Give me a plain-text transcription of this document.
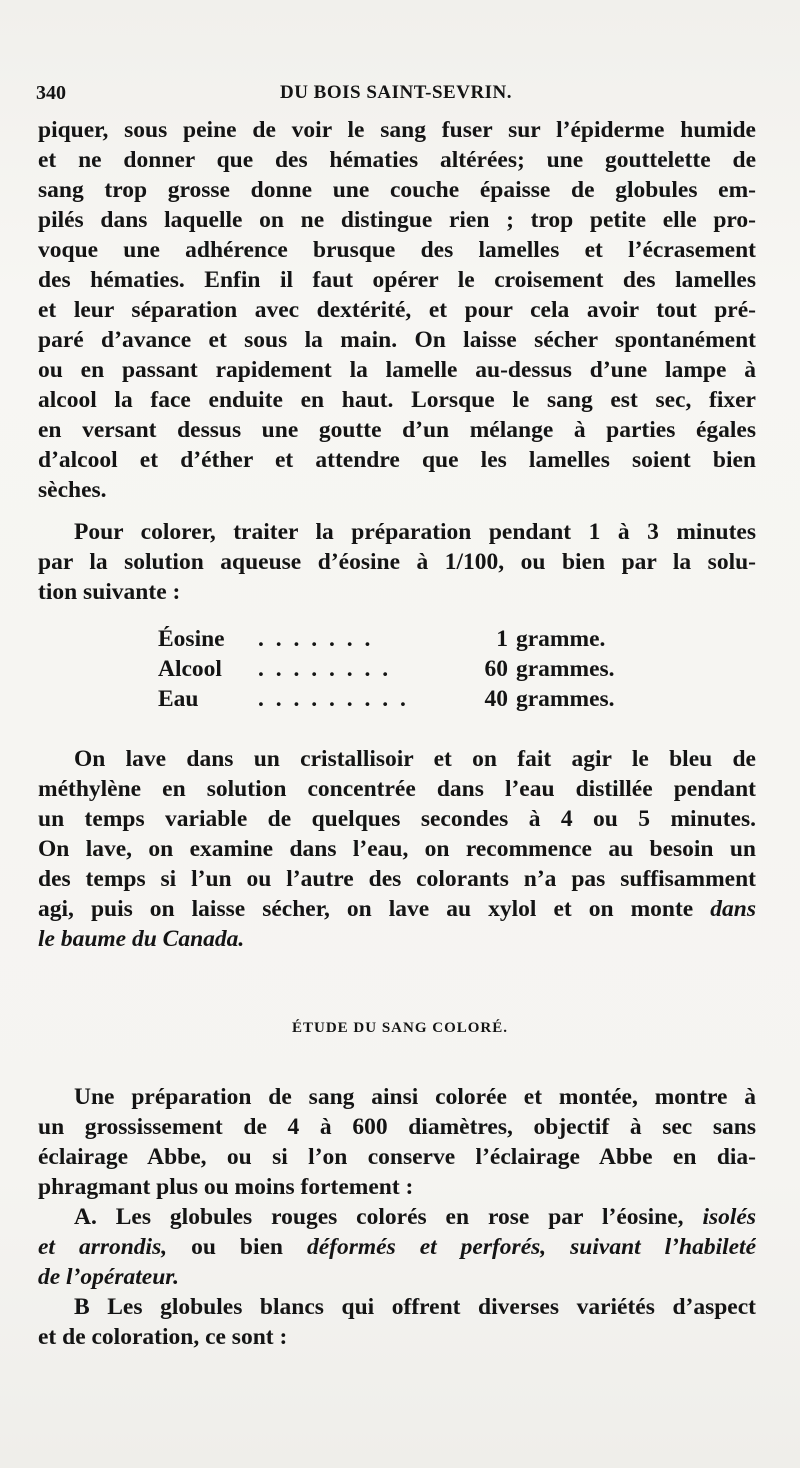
340	DU BOIS SAINT-SEVRIN.
piquer, sous peine de voir le sang fuser sur l’épiderme humide
et ne donner que des hématies altérées; une gouttelette de
sang trop grosse donne une couche épaisse de globules em-
pilés dans laquelle on ne distingue rien ; trop petite elle pro-
voque une adhérence brusque des lamelles et l’écrasement
des hématies. Enfin il faut opérer le croisement des lamelles
et leur séparation avec dextérité, et pour cela avoir tout pré-
paré d’avance et sous la main. On laisse sécher spontanément
ou en passant rapidement la lamelle au-dessus d’une lampe à
alcool la face enduite en haut. Lorsque le sang est sec, fixer
en versant dessus une goutte d’un mélange à parties égales
d’alcool et d’éther et attendre que les lamelles soient bien
sèches.
Pour colorer, traiter la préparation pendant 1 à 3 minutes
par la solution aqueuse d’éosine à 1/100, ou bien par la solu-
tion suivante :
Éosine	. . . . . . .	1 gramme.
Alcool	. . . . . . . .	60 grammes.
Eau	. . . . . . . . .	40 grammes.
On lave dans un cristallisoir et on fait agir le bleu de
méthylène en solution concentrée dans l’eau distillée pendant
un temps variable de quelques secondes à 4 ou 5 minutes.
On lave, on examine dans l’eau, on recommence au besoin un
des temps si l’un ou l’autre des colorants n’a pas suffisamment
agi, puis on laisse sécher, on lave au xylol et on monte dans
le baume du Canada.
ÉTUDE DU SANG COLORÉ.
Une préparation de sang ainsi colorée et montée, montre à
un grossissement de 4 à 600 diamètres, objectif à sec sans
éclairage Abbe, ou si l’on conserve l’éclairage Abbe en dia-
phragmant plus ou moins fortement :
A. Les globules rouges colorés en rose par l’éosine, isolés
et arrondis, ou bien déformés et perforés, suivant l’habileté
de l’opérateur.
B Les globules blancs qui offrent diverses variétés d’aspect
et de coloration, ce sont :
